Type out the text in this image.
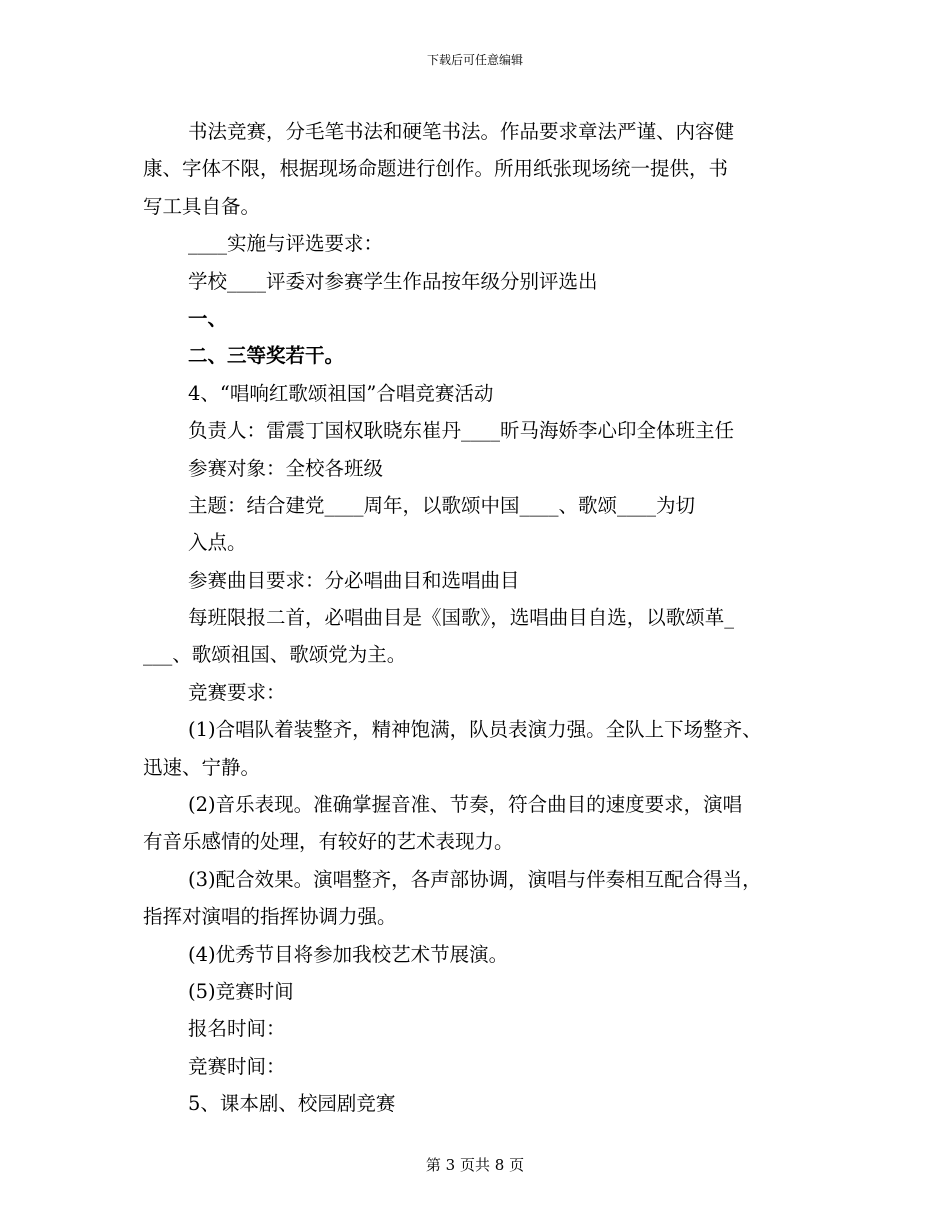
下载后可任意编辑
书法竞赛，分毛笔书法和硬笔书法。作品要求章法严谨、内容健
康、字体不限，根据现场命题进行创作。所用纸张现场统一提供，书
写工具自备。
____实施与评选要求：
学校____评委对参赛学生作品按年级分别评选出
一、
二、三等奖若干。
4、“唱响红歌颂祖国”合唱竞赛活动
负责人：雷震丁国权耿晓东崔丹____昕马海娇李心印全体班主任
参赛对象：全校各班级
主题：结合建党____周年，以歌颂中国____、歌颂____为切
入点。
参赛曲目要求：分必唱曲目和选唱曲目
每班限报二首，必唱曲目是《国歌》，选唱曲目自选，以歌颂革_
___、歌颂祖国、歌颂党为主。
竞赛要求：
(1)合唱队着装整齐，精神饱满，队员表演力强。全队上下场整齐、
迅速、宁静。
(2)音乐表现。准确掌握音准、节奏，符合曲目的速度要求，演唱
有音乐感情的处理，有较好的艺术表现力。
(3)配合效果。演唱整齐，各声部协调，演唱与伴奏相互配合得当，
指挥对演唱的指挥协调力强。
(4)优秀节目将参加我校艺术节展演。
(5)竞赛时间
报名时间：
竞赛时间：
5、课本剧、校园剧竞赛
第 3 页共 8 页
